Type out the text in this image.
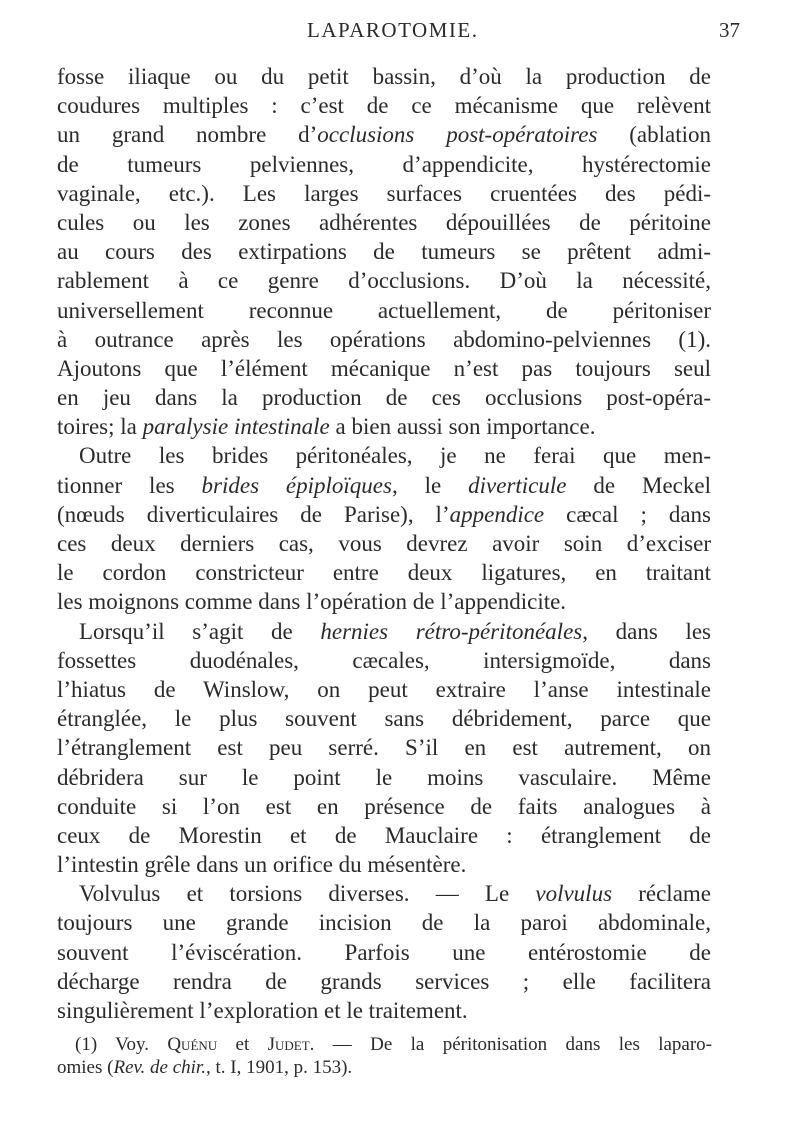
LAPAROTOMIE.	37
fosse iliaque ou du petit bassin, d’où la production de
coudures multiples : c’est de ce mécanisme que relèvent
un grand nombre d’occlusions post-opératoires (ablation
de tumeurs pelviennes, d’appendicite, hystérectomie
vaginale, etc.). Les larges surfaces cruentées des pédi-
cules ou les zones adhérentes dépouillées de péritoine
au cours des extirpations de tumeurs se prêtent admi-
rablement à ce genre d’occlusions. D’où la nécessité,
universellement reconnue actuellement, de péritoniser
à outrance après les opérations abdomino-pelviennes (1).
Ajoutons que l’élément mécanique n’est pas toujours seul
en jeu dans la production de ces occlusions post-opéra-
toires; la paralysie intestinale a bien aussi son importance.
Outre les brides péritonéales, je ne ferai que men-
tionner les brides épiploïques, le diverticule de Meckel
(nœuds diverticulaires de Parise), l’appendice cæcal ; dans
ces deux derniers cas, vous devrez avoir soin d’exciser
le cordon constricteur entre deux ligatures, en traitant
les moignons comme dans l’opération de l’appendicite.
Lorsqu’il s’agit de hernies rétro-péritonéales, dans les
fossettes duodénales, cæcales, intersigmoïde, dans
l’hiatus de Winslow, on peut extraire l’anse intestinale
étranglée, le plus souvent sans débridement, parce que
l’étranglement est peu serré. S’il en est autrement, on
débridera sur le point le moins vasculaire. Même
conduite si l’on est en présence de faits analogues à
ceux de Morestin et de Mauclaire : étranglement de
l’intestin grêle dans un orifice du mésentère.
Volvulus et torsions diverses. — Le volvulus réclame
toujours une grande incision de la paroi abdominale,
souvent l’éviscération. Parfois une entérostomie de
décharge rendra de grands services ; elle facilitera
singulièrement l’exploration et le traitement.
(1) Voy. Quénu et Judet. — De la péritonisation dans les laparo-
omies (Rev. de chir., t. I, 1901, p. 153).
